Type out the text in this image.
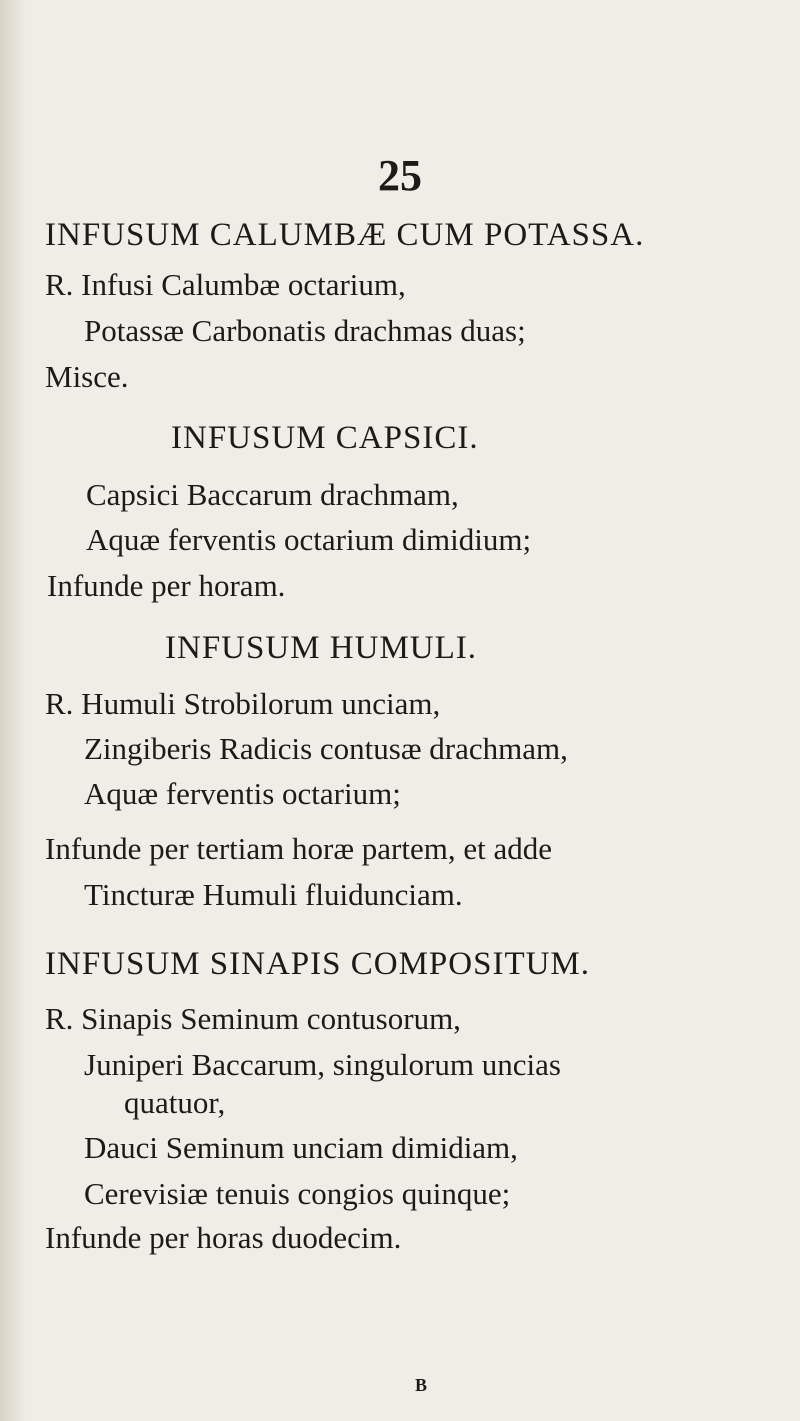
25
INFUSUM CALUMBÆ CUM POTASSA.
R. Infusi Calumbæ octarium,
Potassæ Carbonatis drachmas duas;
Misce.
INFUSUM CAPSICI.
Capsici Baccarum drachmam,
Aquæ ferventis octarium dimidium;
Infunde per horam.
INFUSUM HUMULI.
R. Humuli Strobilorum unciam,
Zingiberis Radicis contusæ drachmam,
Aquæ ferventis octarium;
Infunde per tertiam horæ partem, et adde
Tincturæ Humuli fluidunciam.
INFUSUM SINAPIS COMPOSITUM.
R. Sinapis Seminum contusorum,
Juniperi Baccarum, singulorum uncias
quatuor,
Dauci Seminum unciam dimidiam,
Cerevisiæ tenuis congios quinque;
Infunde per horas duodecim.
B
